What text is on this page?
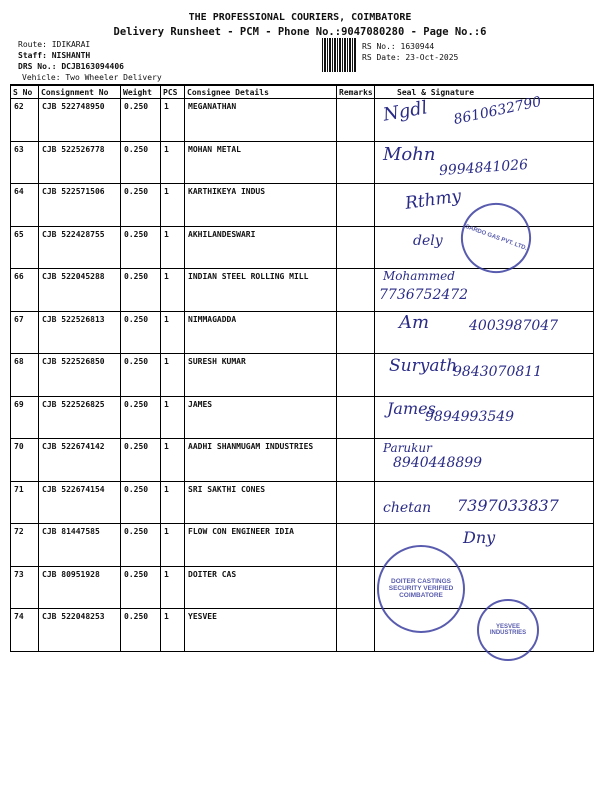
THE PROFESSIONAL COURIERS, COIMBATORE
Delivery Runsheet - PCM - Phone No.:9047080280 - Page No.:6
Route: IDIKARAI
Staff: NISHANTH
DRS No.: DCJB163094406
Vehicle: Two Wheeler Delivery
RS No.: 1630944
RS Date: 23-Oct-2025
S No	Consignment No	Weight	PCS	Consignee Details	Remarks	Seal & Signature
62	CJB 522748950	0.250	1	MEGANATHAN		Ngdl 8610632790

63	CJB 522526778	0.250	1	MOHAN METAL		Mohn
9994841026

64	CJB 522571506	0.250	1	KARTHIKEYA INDUS		Rthmy

65	CJB 522428755	0.250	1	AKHILANDESWARI		dely SARDO GAS PVT. LTD.

66	CJB 522045288	0.250	1	INDIAN STEEL ROLLING MILL		Mohammed
7736752472

67	CJB 522526813	0.250	1	NIMMAGADDA		Am 4003987047

68	CJB 522526850	0.250	1	SURESH KUMAR		Suryath
9843070811

69	CJB 522526825	0.250	1	JAMES		James
9894993549

70	CJB 522674142	0.250	1	AADHI SHANMUGAM INDUSTRIES		Parukur
8940448899

71	CJB 522674154	0.250	1	SRI SAKTHI CONES		chetan 7397033837

72	CJB 81447585	0.250	1	FLOW CON ENGINEER IDIA		Dny

73	CJB 80951928	0.250	1	DOITER CAS		DOITER CASTINGS SECURITY VERIFIED COIMBATORE

74	CJB 522048253	0.250	1	YESVEE		YESVEE INDUSTRIES
